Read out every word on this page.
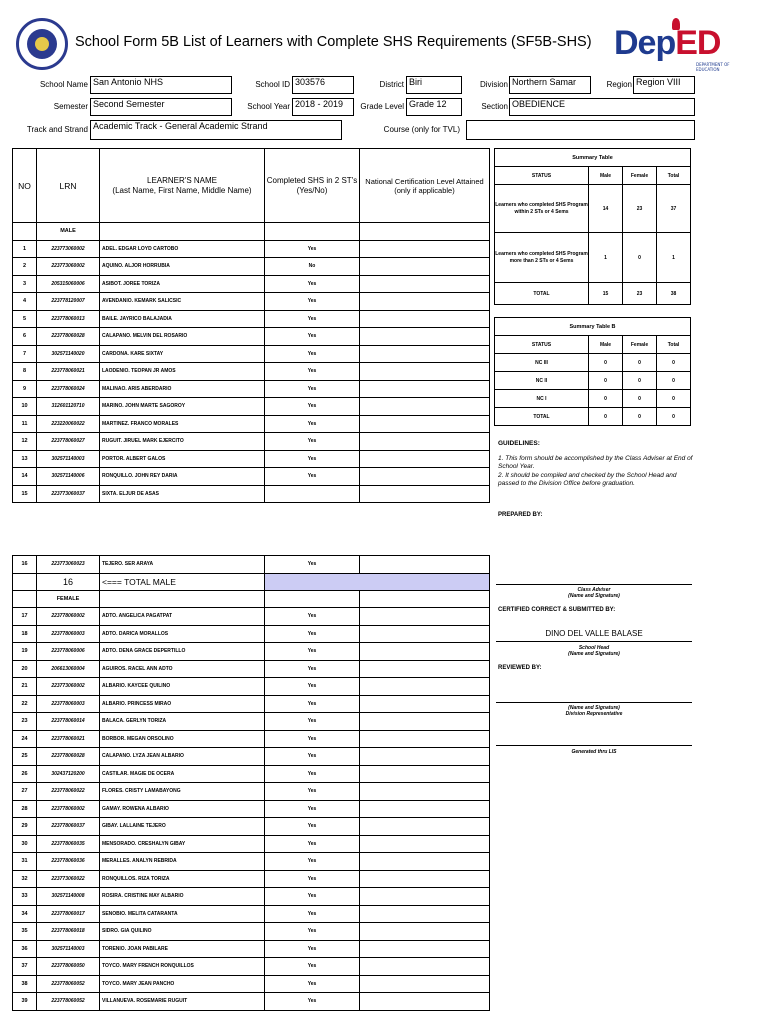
School Form 5B List of Learners with Complete SHS Requirements (SF5B-SHS) DepED
DEPARTMENT OF EDUCATION
School Name San Antonio NHS	School ID 303576	District Biri	Division Northern Samar	Region Region VIII
Semester Second Semester	School Year 2018 - 2019	Grade Level Grade 12	Section OBEDIENCE
Track and Strand Academic Track - General Academic Strand	Course (only for TVL)
NO	LRN	LEARNER'S NAME
(Last Name, First Name, Middle Name)	Completed SHS in 2 ST's (Yes/No)	National Certification Level Attained (only if applicable)
	MALE			
1	223773060002	ADEL. EDGAR LOYD CARTOBO	Yes	
2	223773060002	AQUINO. ALJOR HORRUBIA	No	
3	205315060006	ASIBOT. JOREE TORIZA	Yes	
4	223778120007	AVENDANIO. KEMARK SALICSIC	Yes	
5	223778060013	BAILE. JAYRICO BALAJADIA	Yes	
6	223778060028	CALAPANO. MELVIN DEL ROSARIO	Yes	
7	302571140020	CARDONA. KARE SIXTAY	Yes	
8	223778060021	LAODENIO. TEOPAN JR AMOS	Yes	
9	223778060024	MALINAO. ARIS ABERDARIO	Yes	
10	312601120710	MARINO. JOHN MARTE SAGOROY	Yes	
11	223220060022	MARTINEZ. FRANCO MORALES	Yes	
12	223778060027	RUGUIT. JIRUEL MARK EJERCITO	Yes	
13	302571140003	PORTOR. ALBERT GALOS	Yes	
14	302571140006	RONQUILLO. JOHN REY DARIA	Yes	
15	223773060037	SIXTA. ELJUR DE ASAS		
Summary Table			
STATUS	Male	Female	Total
Learners who completed SHS Program within 2 STs or 4 Sems	14	23	37
Learners who completed SHS Program more than 2 STs or 4 Sems	1	0	1
TOTAL	15	23	38
Summary Table B			
STATUS	Male	Female	Total
NC III	0	0	0
NC II	0	0	0
NC I	0	0	0
TOTAL	0	0	0
GUIDELINES:
1. This form should be accomplished by the Class Adviser at End of School Year.
2. It should be compiled and checked by the School Head and passed to the Division Office before graduation.
PREPARED BY:
16	223773060023	TEJERO. SER ARAYA	Yes	
	16	<=== TOTAL MALE		
	FEMALE			
17	223778060002	ADTO. ANGELICA PAGATPAT	Yes	
18	223778060003	ADTO. DARICA MORALLOS	Yes	
19	223778060006	ADTO. DENA GRACE DEPERTILLO	Yes	
20	206613060004	AGUIROS. RACEL ANN ADTO	Yes	
21	223773060002	ALBARIO. KAYCEE QUILINO	Yes	
22	223778060003	ALBARIO. PRINCESS MIRAO	Yes	
23	223778060014	BALACA. GERLYN TORIZA	Yes	
24	223778060021	BORBOR. MEGAN ORSOLINO	Yes	
25	223778060028	CALAPANO. LYZA JEAN ALBARIO	Yes	
26	302437120200	CASTILAR. MAGIE DE OCERA	Yes	
27	223778060022	FLORES. CRISTY LAMABAYONG	Yes	
28	223778060002	GAMAY. ROWENA ALBARIO	Yes	
29	223778060037	GIBAY. LALLAINE TEJERO	Yes	
30	223778060035	MENSORADO. CRESHALYN GIBAY	Yes	
31	223778060036	MERALLES. ANALYN REBRIDA	Yes	
32	223773060022	RONQUILLOS. RIZA TORIZA	Yes	
33	302571140008	ROSIRA. CRISTINE MAY ALBARIO	Yes	
34	223778060017	SENOBIO. MELITA CATARANTA	Yes	
35	223778060018	SIDRO. GIA QUILINO	Yes	
36	302571140003	TORENIO. JOAN PABILARE	Yes	
37	223778060050	TOYCO. MARY FRENCH RONQUILLOS	Yes	
38	223778060052	TOYCO. MARY JEAN PANCHO	Yes	
39	223778060052	VILLANUEVA. ROSEMARIE RUGUIT	Yes	
Class Adviser
(Name and Signature)
CERTIFIED CORRECT & SUBMITTED BY:
DINO DEL VALLE BALASE
School Head
(Name and Signature)
REVIEWED BY:
(Name and Signature)
Division Representative
Generated thru LIS
